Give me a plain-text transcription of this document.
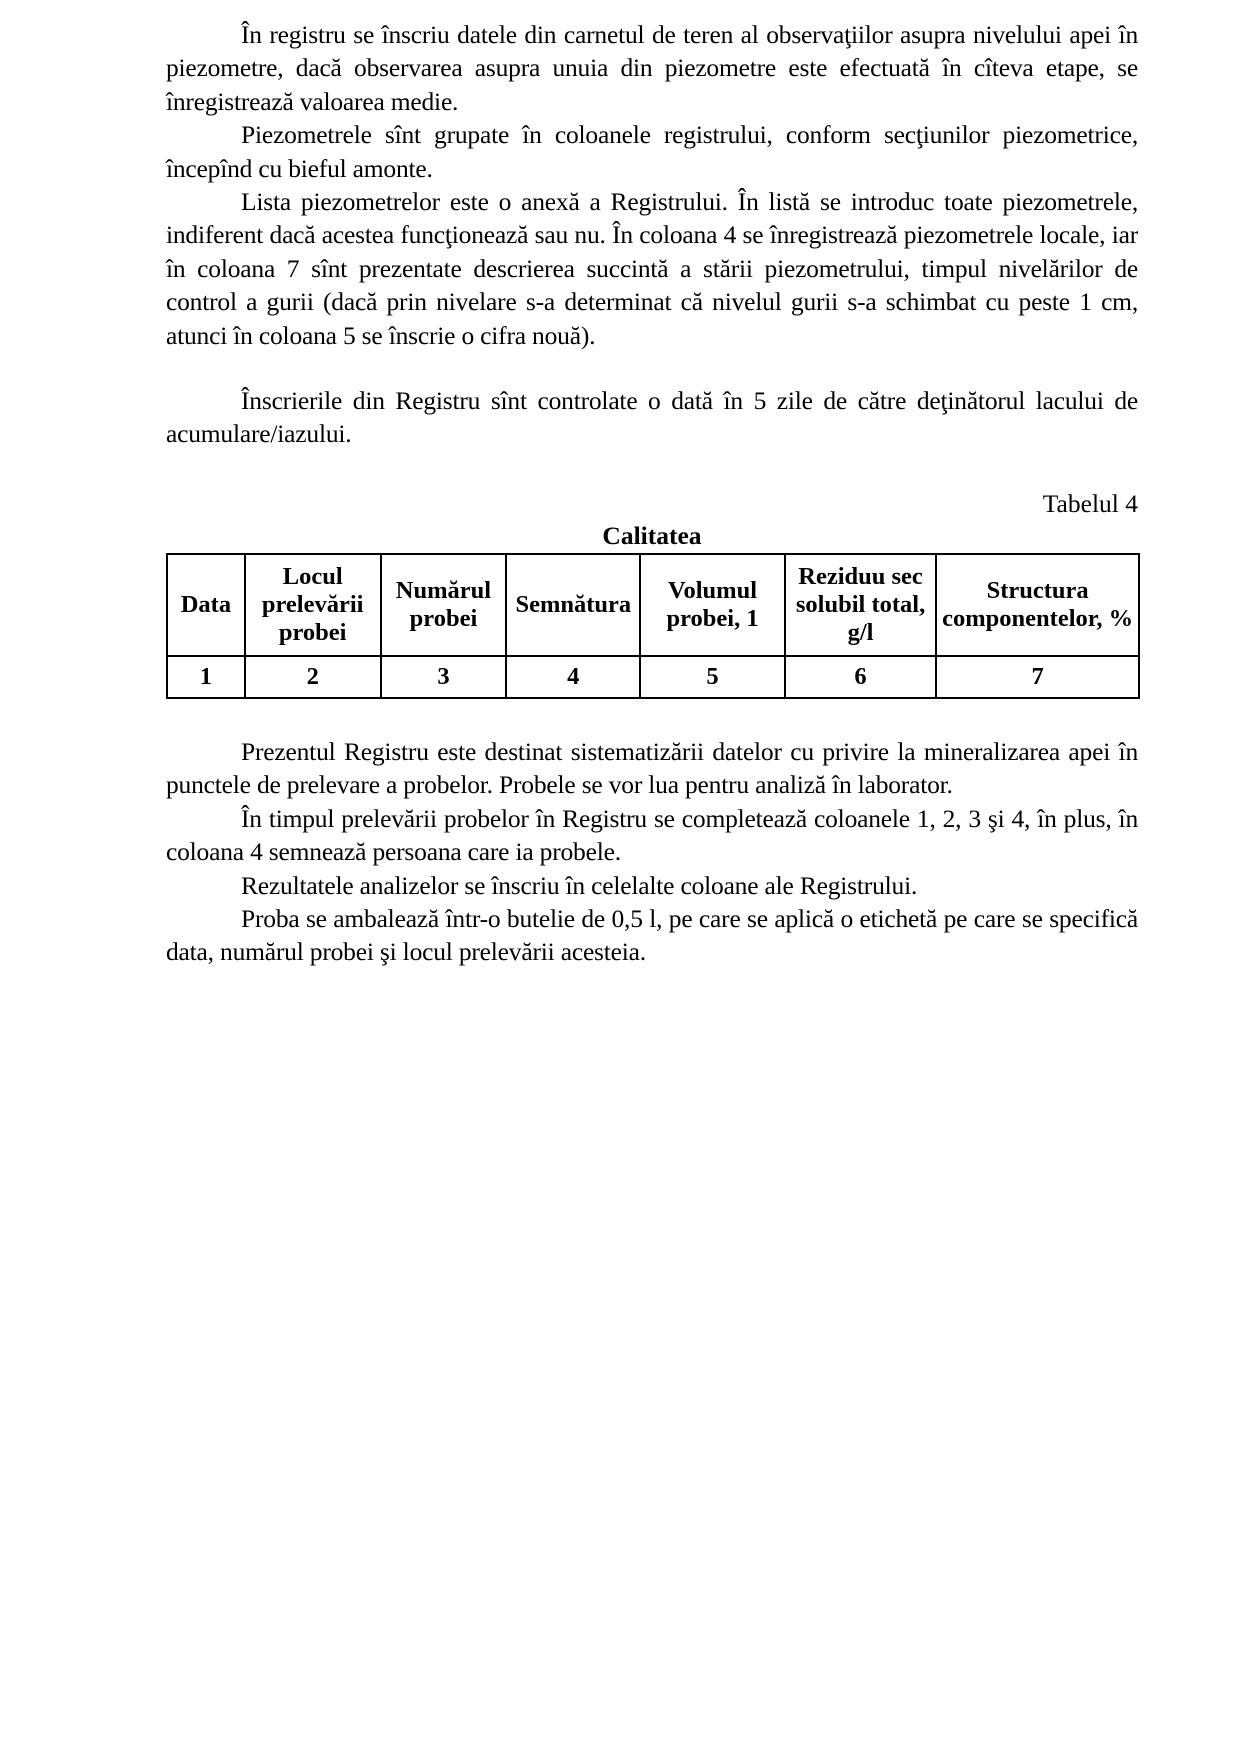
În registru se înscriu datele din carnetul de teren al observaţiilor asupra nivelului apei în piezometre, dacă observarea asupra unuia din piezometre este efectuată în cîteva etape, se înregistrează valoarea medie.

Piezometrele sînt grupate în coloanele registrului, conform secţiunilor piezometrice, începînd cu bieful amonte.

Lista piezometrelor este o anexă a Registrului. În listă se introduc toate piezometrele, indiferent dacă acestea funcţionează sau nu. În coloana 4 se înregistrează piezometrele locale, iar în coloana 7 sînt prezentate descrierea succintă a stării piezometrului, timpul nivelărilor de control a gurii (dacă prin nivelare s-a determinat că nivelul gurii s-a schimbat cu peste 1 cm, atunci în coloana 5 se înscrie o cifra nouă).

Înscrierile din Registru sînt controlate o dată în 5 zile de către deţinătorul lacului de acumulare/iazului.

Tabelul 4
Calitatea
Data	Locul prelevării probei	Numărul probei	Semnătura	Volumul probei, 1	Reziduu sec solubil total, g/l	Structura componentelor, %
1	2	3	4	5	6	7

Prezentul Registru este destinat sistematizării datelor cu privire la mineralizarea apei în punctele de prelevare a probelor. Probele se vor lua pentru analiză în laborator.

În timpul prelevării probelor în Registru se completează coloanele 1, 2, 3 şi 4, în plus, în coloana 4 semnează persoana care ia probele.

Rezultatele analizelor se înscriu în celelalte coloane ale Registrului.

Proba se ambalează într-o butelie de 0,5 l, pe care se aplică o etichetă pe care se specifică data, numărul probei şi locul prelevării acesteia.
